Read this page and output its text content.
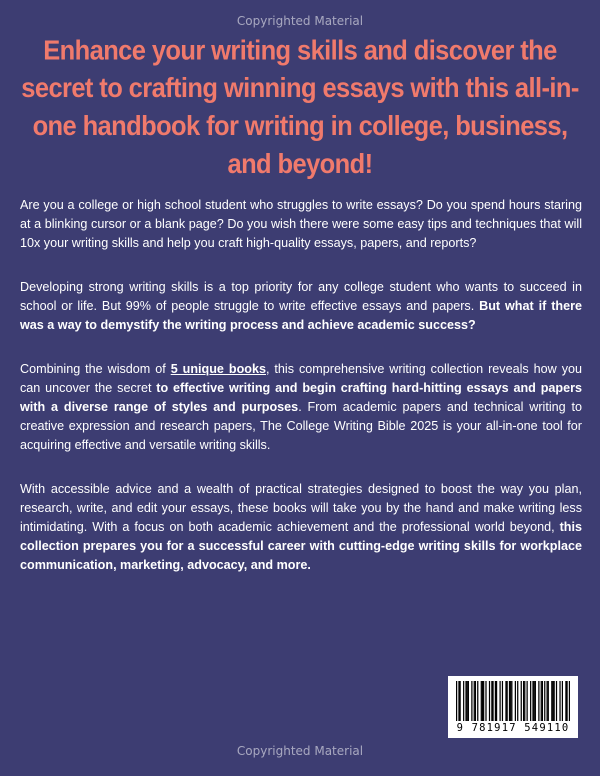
Copyrighted Material
Enhance your writing skills and discover the secret to crafting winning essays with this all-in-one handbook for writing in college, business, and beyond!

Are you a college or high school student who struggles to write essays? Do you spend hours staring at a blinking cursor or a blank page? Do you wish there were some easy tips and techniques that will 10x your writing skills and help you craft high-quality essays, papers, and reports?

Developing strong writing skills is a top priority for any college student who wants to succeed in school or life. But 99% of people struggle to write effective essays and papers. But what if there was a way to demystify the writing process and achieve academic success?

Combining the wisdom of 5 unique books, this comprehensive writing collection reveals how you can uncover the secret to effective writing and begin crafting hard-hitting essays and papers with a diverse range of styles and purposes. From academic papers and technical writing to creative expression and research papers, The College Writing Bible 2025 is your all-in-one tool for acquiring effective and versatile writing skills.

With accessible advice and a wealth of practical strategies designed to boost the way you plan, research, write, and edit your essays, these books will take you by the hand and make writing less intimidating. With a focus on both academic achievement and the professional world beyond, this collection prepares you for a successful career with cutting-edge writing skills for workplace communication, marketing, advocacy, and more.

9 781917 549110
Copyrighted Material
